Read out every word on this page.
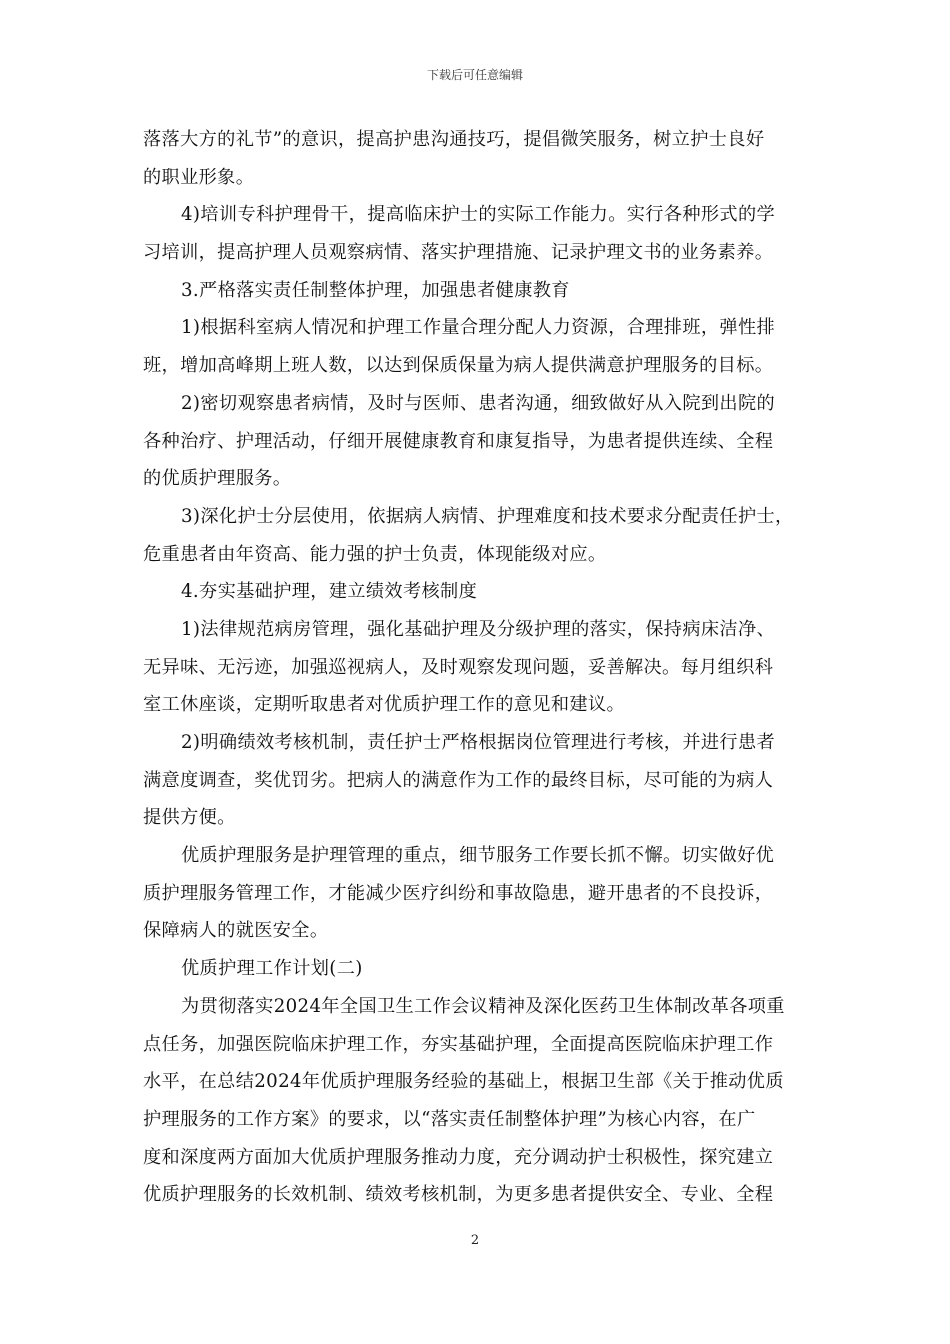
下载后可任意编辑
落落大方的礼节”的意识，提高护患沟通技巧，提倡微笑服务，树立护士良好
的职业形象。
4)培训专科护理骨干，提高临床护士的实际工作能力。实行各种形式的学
习培训，提高护理人员观察病情、落实护理措施、记录护理文书的业务素养。
3.严格落实责任制整体护理，加强患者健康教育
1)根据科室病人情况和护理工作量合理分配人力资源，合理排班，弹性排
班，增加高峰期上班人数，以达到保质保量为病人提供满意护理服务的目标。
2)密切观察患者病情，及时与医师、患者沟通，细致做好从入院到出院的
各种治疗、护理活动，仔细开展健康教育和康复指导，为患者提供连续、全程
的优质护理服务。
3)深化护士分层使用，依据病人病情、护理难度和技术要求分配责任护士，
危重患者由年资高、能力强的护士负责，体现能级对应。
4.夯实基础护理，建立绩效考核制度
1)法律规范病房管理，强化基础护理及分级护理的落实，保持病床洁净、
无异味、无污迹，加强巡视病人，及时观察发现问题，妥善解决。每月组织科
室工休座谈，定期听取患者对优质护理工作的意见和建议。
2)明确绩效考核机制，责任护士严格根据岗位管理进行考核，并进行患者
满意度调查，奖优罚劣。把病人的满意作为工作的最终目标，尽可能的为病人
提供方便。
优质护理服务是护理管理的重点，细节服务工作要长抓不懈。切实做好优
质护理服务管理工作，才能减少医疗纠纷和事故隐患，避开患者的不良投诉，
保障病人的就医安全。
优质护理工作计划(二)
为贯彻落实2024年全国卫生工作会议精神及深化医药卫生体制改革各项重
点任务，加强医院临床护理工作，夯实基础护理，全面提高医院临床护理工作
水平，在总结2024年优质护理服务经验的基础上，根据卫生部《关于推动优质
护理服务的工作方案》的要求，以“落实责任制整体护理”为核心内容，在广
度和深度两方面加大优质护理服务推动力度，充分调动护士积极性，探究建立
优质护理服务的长效机制、绩效考核机制，为更多患者提供安全、专业、全程
2
